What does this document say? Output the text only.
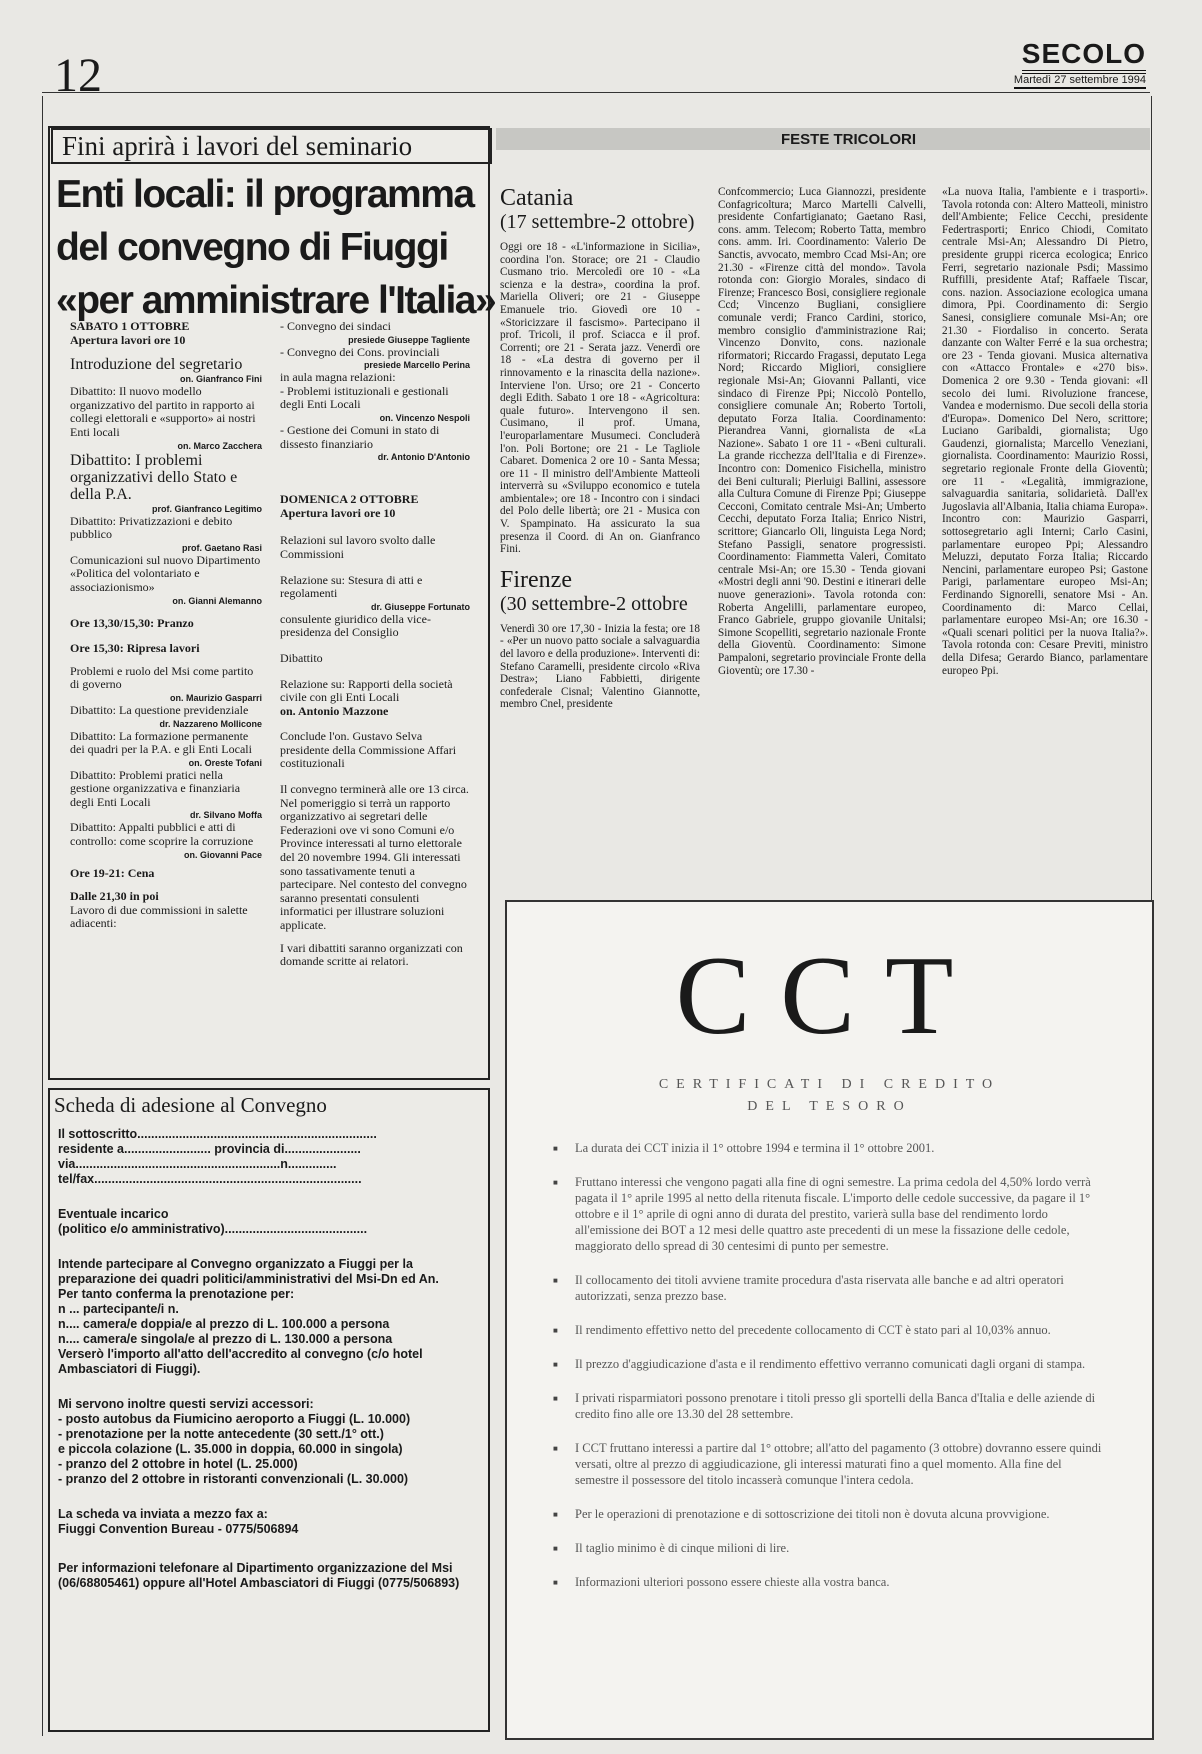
12	SECOLO
Martedì 27 settembre 1994
Fini aprirà i lavori del seminario
Enti locali: il programma
del convegno di Fiuggi
«per amministrare l'Italia»
SABATO 1 OTTOBRE

Apertura lavori ore 10

Introduzione del segretario
on. Gianfranco Fini
Dibattito: Il nuovo modello organizzativo del partito in rapporto ai collegi elettorali e «supporto» ai nostri Enti locali
on. Marco Zacchera
Dibattito: I problemi organizzativi dello Stato e della P.A.
prof. Gianfranco Legitimo
Dibattito: Privatizzazioni e debito pubblico
prof. Gaetano Rasi
Comunicazioni sul nuovo Dipartimento «Politica del volontariato e associazionismo»
on. Gianni Alemanno

Ore 13,30/15,30: Pranzo

Ore 15,30: Ripresa lavori

Problemi e ruolo del Msi come partito di governo
on. Maurizio Gasparri
Dibattito: La questione previdenziale
dr. Nazzareno Mollicone
Dibattito: La formazione permanente dei quadri per la P.A. e gli Enti Locali
on. Oreste Tofani
Dibattito: Problemi pratici nella gestione organizzativa e finanziaria degli Enti Locali
dr. Silvano Moffa
Dibattito: Appalti pubblici e atti di controllo: come scoprire la corruzione
on. Giovanni Pace

Ore 19-21: Cena

Dalle 21,30 in poi
Lavoro di due commissioni in salette adiacenti:
- Convegno dei sindaci
presiede Giuseppe Tagliente
- Convegno dei Cons. provinciali
presiede Marcello Perina
in aula magna relazioni:
- Problemi istituzionali e gestionali degli Enti Locali
on. Vincenzo Nespoli
- Gestione dei Comuni in stato di dissesto finanziario
dr. Antonio D'Antonio
DOMENICA 2 OTTOBRE

Apertura lavori ore 10

Relazioni sul lavoro svolto dalle Commissioni

Relazione su: Stesura di atti e regolamenti
dr. Giuseppe Fortunato

consulente giuridico della vice-presidenza del Consiglio

Dibattito

Relazione su: Rapporti della società civile con gli Enti Locali

on. Antonio Mazzone

Conclude l'on. Gustavo Selva presidente della Commissione Affari costituzionali

Il convegno terminerà alle ore 13 circa. Nel pomeriggio si terrà un rapporto organizzativo ai segretari delle Federazioni ove vi sono Comuni e/o Province interessati al turno elettorale del 20 novembre 1994. Gli interessati sono tassativamente tenuti a partecipare. Nel contesto del convegno saranno presentati consulenti informatici per illustrare soluzioni applicate.

I vari dibattiti saranno organizzati con domande scritte ai relatori.

Scheda di adesione al Convegno
Il sottoscritto.....................................................................
residente a......................... provincia di......................
via...........................................................n..............

tel/fax.............................................................................

Eventuale incarico

(politico e/o amministrativo).........................................

Intende partecipare al Convegno organizzato a Fiuggi per la preparazione dei quadri politici/amministrativi del Msi-Dn ed An.
Per tanto conferma la prenotazione per:
n ... partecipante/i n.
n.... camera/e doppia/e al prezzo di L. 100.000 a persona
n.... camera/e singola/e al prezzo di L. 130.000 a persona

Verserò l'importo all'atto dell'accredito al convegno (c/o hotel Ambasciatori di Fiuggi).

Mi servono inoltre questi servizi accessori:
- posto autobus da Fiumicino aeroporto a Fiuggi (L. 10.000)
- prenotazione per la notte antecedente (30 sett./1° ott.)
e piccola colazione (L. 35.000 in doppia, 60.000 in singola)
- pranzo del 2 ottobre in hotel (L. 25.000)

- pranzo del 2 ottobre in ristoranti convenzionali (L. 30.000)

La scheda va inviata a mezzo fax a:

Fiuggi Convention Bureau - 0775/506894

Per informazioni telefonare al Dipartimento organizzazione del Msi (06/68805461) oppure all'Hotel Ambasciatori di Fiuggi (0775/506893)

FESTE TRICOLORI
Catania
(17 settembre-2 ottobre)

Oggi ore 18 - «L'informazione in Sicilia», coordina l'on. Storace; ore 21 - Claudio Cusmano trio. Mercoledì ore 10 - «La scienza e la destra», coordina la prof. Mariella Oliveri; ore 21 - Giuseppe Emanuele trio. Giovedì ore 10 - «Storicizzare il fascismo». Partecipano il prof. Tricoli, il prof. Sciacca e il prof. Correnti; ore 21 - Serata jazz. Venerdì ore 18 - «La destra di governo per il rinnovamento e la rinascita della nazione». Interviene l'on. Urso; ore 21 - Concerto degli Edith. Sabato 1 ore 18 - «Agricoltura: quale futuro». Intervengono il sen. Cusimano, il prof. Umana, l'europarlamentare Musumeci. Concluderà l'on. Poli Bortone; ore 21 - Le Tagliole Cabaret. Domenica 2 ore 10 - Santa Messa; ore 11 - Il ministro dell'Ambiente Matteoli interverrà su «Sviluppo economico e tutela ambientale»; ore 18 - Incontro con i sindaci del Polo delle libertà; ore 21 - Musica con V. Spampinato. Ha assicurato la sua presenza il Coord. di An on. Gianfranco Fini.

Firenze
(30 settembre-2 ottobre

Venerdì 30 ore 17,30 - Inizia la festa; ore 18 - «Per un nuovo patto sociale a salvaguardia del lavoro e della produzione». Interventi di: Stefano Caramelli, presidente circolo «Riva Destra»; Liano Fabbietti, dirigente confederale Cisnal; Valentino Giannotte, membro Cnel, presidente

Confcommercio; Luca Giannozzi, presidente Confagricoltura; Marco Martelli Calvelli, presidente Confartigianato; Gaetano Rasi, cons. amm. Telecom; Roberto Tatta, membro cons. amm. Iri. Coordinamento: Valerio De Sanctis, avvocato, membro Ccad Msi-An; ore 21.30 - «Firenze città del mondo». Tavola rotonda con: Giorgio Morales, sindaco di Firenze; Francesco Bosi, consigliere regionale Ccd; Vincenzo Bugliani, consigliere comunale verdi; Franco Cardini, storico, membro consiglio d'amministrazione Rai; Vincenzo Donvito, cons. nazionale riformatori; Riccardo Fragassi, deputato Lega Nord; Riccardo Migliori, consigliere regionale Msi-An; Giovanni Pallanti, vice sindaco di Firenze Ppi; Niccolò Pontello, consigliere comunale An; Roberto Tortoli, deputato Forza Italia. Coordinamento: Pierandrea Vanni, giornalista de «La Nazione». Sabato 1 ore 11 - «Beni culturali. La grande ricchezza dell'Italia e di Firenze». Incontro con: Domenico Fisichella, ministro dei Beni culturali; Pierluigi Ballini, assessore alla Cultura Comune di Firenze Ppi; Giuseppe Cecconi, Comitato centrale Msi-An; Umberto Cecchi, deputato Forza Italia; Enrico Nistri, scrittore; Giancarlo Oli, linguista Lega Nord; Stefano Passigli, senatore progressisti. Coordinamento: Fiammetta Valeri, Comitato centrale Msi-An; ore 15.30 - Tenda giovani «Mostri degli anni '90. Destini e itinerari delle nuove generazioni». Tavola rotonda con: Roberta Angelilli, parlamentare europeo, Franco Gabriele, gruppo giovanile Unitalsi; Simone Scopelliti, segretario nazionale Fronte della Gioventù. Coordinamento: Simone Pampaloni, segretario provinciale Fronte della Gioventù; ore 17.30 -

«La nuova Italia, l'ambiente e i trasporti». Tavola rotonda con: Altero Matteoli, ministro dell'Ambiente; Felice Cecchi, presidente Federtrasporti; Enrico Chiodi, Comitato centrale Msi-An; Alessandro Di Pietro, presidente gruppi ricerca ecologica; Enrico Ferri, segretario nazionale Psdi; Massimo Ruffilli, presidente Ataf; Raffaele Tiscar, cons. nazion. Associazione ecologica umana dimora, Ppi. Coordinamento di: Sergio Sanesi, consigliere comunale Msi-An; ore 21.30 - Fiordaliso in concerto. Serata danzante con Walter Ferré e la sua orchestra; ore 23 - Tenda giovani. Musica alternativa con «Attacco Frontale» e «270 bis». Domenica 2 ore 9.30 - Tenda giovani: «Il secolo dei lumi. Rivoluzione francese, Vandea e modernismo. Due secoli della storia d'Europa». Domenico Del Nero, scrittore; Luciano Garibaldi, giornalista; Ugo Gaudenzi, giornalista; Marcello Veneziani, giornalista. Coordinamento: Maurizio Rossi, segretario regionale Fronte della Gioventù; ore 11 - «Legalità, immigrazione, salvaguardia sanitaria, solidarietà. Dall'ex Jugoslavia all'Albania, Italia chiama Europa». Incontro con: Maurizio Gasparri, sottosegretario agli Interni; Carlo Casini, parlamentare europeo Ppi; Alessandro Meluzzi, deputato Forza Italia; Riccardo Nencini, parlamentare europeo Psi; Gastone Parigi, parlamentare europeo Msi-An; Ferdinando Signorelli, senatore Msi - An. Coordinamento di: Marco Cellai, parlamentare europeo Msi-An; ore 16.30 - «Quali scenari politici per la nuova Italia?». Tavola rotonda con: Cesare Previti, ministro della Difesa; Gerardo Bianco, parlamentare europeo Ppi.

CCT
CERTIFICATI DI CREDITO
DEL TESORO
■ La durata dei CCT inizia il 1° ottobre 1994 e termina il 1° ottobre 2001.
■ Fruttano interessi che vengono pagati alla fine di ogni semestre. La prima cedola del 4,50% lordo verrà pagata il 1° aprile 1995 al netto della ritenuta fiscale. L'importo delle cedole successive, da pagare il 1° ottobre e il 1° aprile di ogni anno di durata del prestito, varierà sulla base del rendimento lordo all'emissione dei BOT a 12 mesi delle quattro aste precedenti di un mese la fissazione delle cedole, maggiorato dello spread di 30 centesimi di punto per semestre.
■ Il collocamento dei titoli avviene tramite procedura d'asta riservata alle banche e ad altri operatori autorizzati, senza prezzo base.
■ Il rendimento effettivo netto del precedente collocamento di CCT è stato pari al 10,03% annuo.
■ Il prezzo d'aggiudicazione d'asta e il rendimento effettivo verranno comunicati dagli organi di stampa.
■ I privati risparmiatori possono prenotare i titoli presso gli sportelli della Banca d'Italia e delle aziende di credito fino alle ore 13.30 del 28 settembre.
■ I CCT fruttano interessi a partire dal 1° ottobre; all'atto del pagamento (3 ottobre) dovranno essere quindi versati, oltre al prezzo di aggiudicazione, gli interessi maturati fino a quel momento. Alla fine del semestre il possessore del titolo incasserà comunque l'intera cedola.
■ Per le operazioni di prenotazione e di sottoscrizione dei titoli non è dovuta alcuna provvigione.
■ Il taglio minimo è di cinque milioni di lire.
■ Informazioni ulteriori possono essere chieste alla vostra banca.
